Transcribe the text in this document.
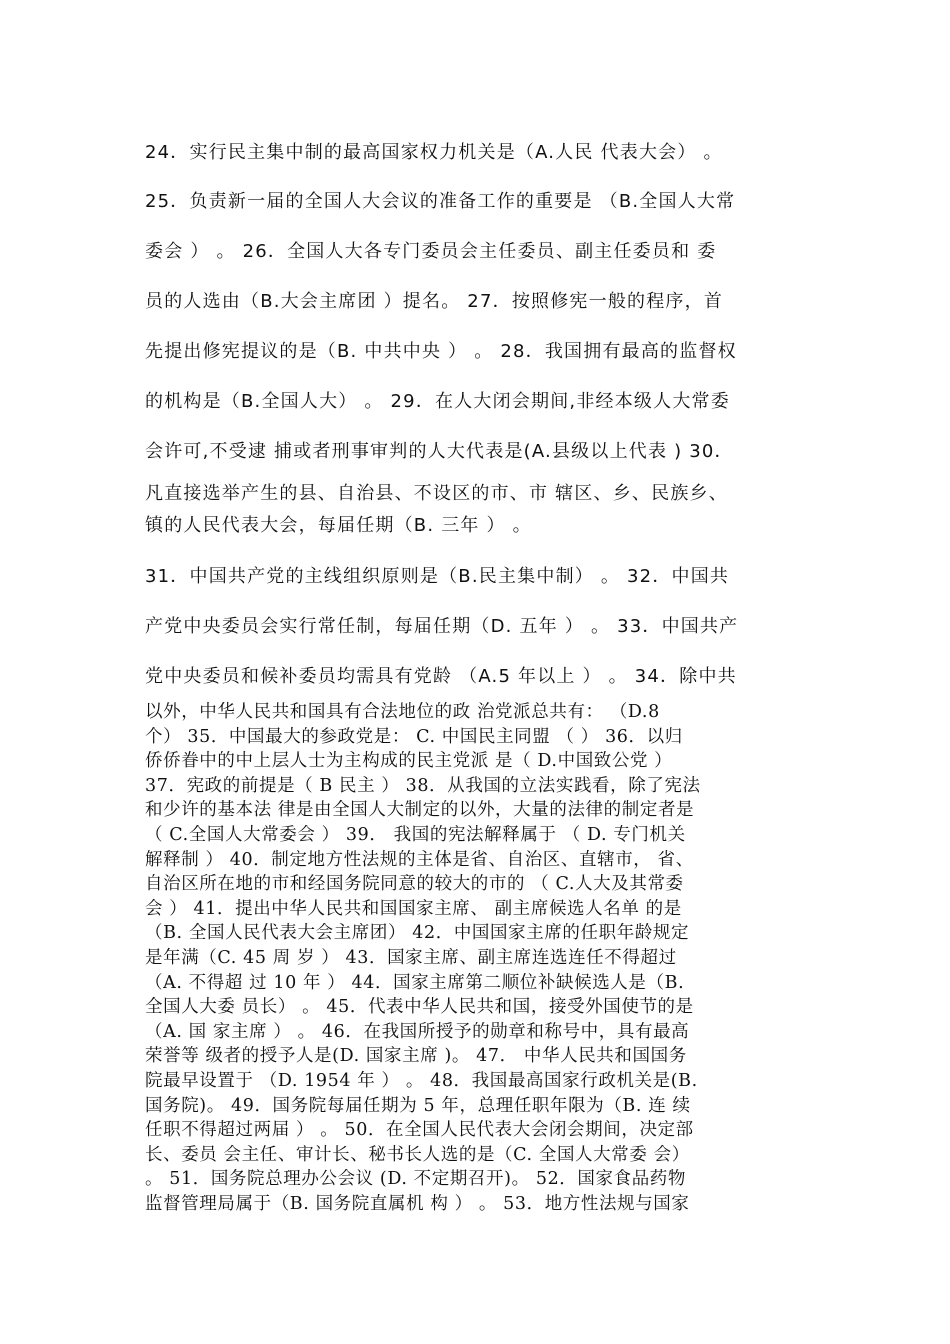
24．实行民主集中制的最高国家权力机关是（A.人民 代表大会） 。
25．负责新一届的全国人大会议的准备工作的重要是 （B.全国人大常
委会 ） 。 26．全国人大各专门委员会主任委员、副主任委员和 委
员的人选由（B.大会主席团 ）提名。 27．按照修宪一般的程序，首
先提出修宪提议的是（B. 中共中央 ） 。 28．我国拥有最高的监督权
的机构是（B.全国人大） 。 29．在人大闭会期间,非经本级人大常委
会许可,不受逮 捕或者刑事审判的人大代表是(A.县级以上代表 ) 30．
凡直接选举产生的县、自治县、不设区的市、市 辖区、乡、民族乡、
镇的人民代表大会，每届任期（B. 三年 ） 。
31．中国共产党的主线组织原则是（B.民主集中制） 。 32．中国共
产党中央委员会实行常任制，每届任期（D. 五年 ） 。 33．中国共产
党中央委员和候补委员均需具有党龄 （A.5 年以上 ） 。 34．除中共
以外，中华人民共和国具有合法地位的政 治党派总共有： （D.8
个） 35．中国最大的参政党是： C. 中国民主同盟 （ ） 36．以归
侨侨眷中的中上层人士为主构成的民主党派 是（ D.中国致公党 ）
37．宪政的前提是（ B 民主 ） 38．从我国的立法实践看，除了宪法
和少许的基本法 律是由全国人大制定的以外，大量的法律的制定者是
（ C.全国人大常委会 ） 39． 我国的宪法解释属于 （ D. 专门机关
解释制 ） 40．制定地方性法规的主体是省、自治区、直辖市， 省、
自治区所在地的市和经国务院同意的较大的市的 （ C.人大及其常委
会 ） 41．提出中华人民共和国国家主席、 副主席候选人名单 的是
（B. 全国人民代表大会主席团） 42．中国国家主席的任职年龄规定
是年满（C. 45 周 岁 ） 43．国家主席、副主席连选连任不得超过
（A. 不得超 过 10 年 ） 44．国家主席第二顺位补缺候选人是（B.
全国人大委 员长） 。 45．代表中华人民共和国，接受外国使节的是
（A. 国 家主席 ） 。 46．在我国所授予的勋章和称号中，具有最高
荣誉等 级者的授予人是(D. 国家主席 )。 47． 中华人民共和国国务
院最早设置于 （D. 1954 年 ） 。 48．我国最高国家行政机关是(B.
国务院)。 49．国务院每届任期为 5 年，总理任职年限为（B. 连 续
任职不得超过两届 ） 。 50．在全国人民代表大会闭会期间，决定部
长、委员 会主任、审计长、秘书长人选的是（C. 全国人大常委 会）
。 51．国务院总理办公会议 (D. 不定期召开)。 52．国家食品药物
监督管理局属于（B. 国务院直属机 构 ） 。 53．地方性法规与国家
